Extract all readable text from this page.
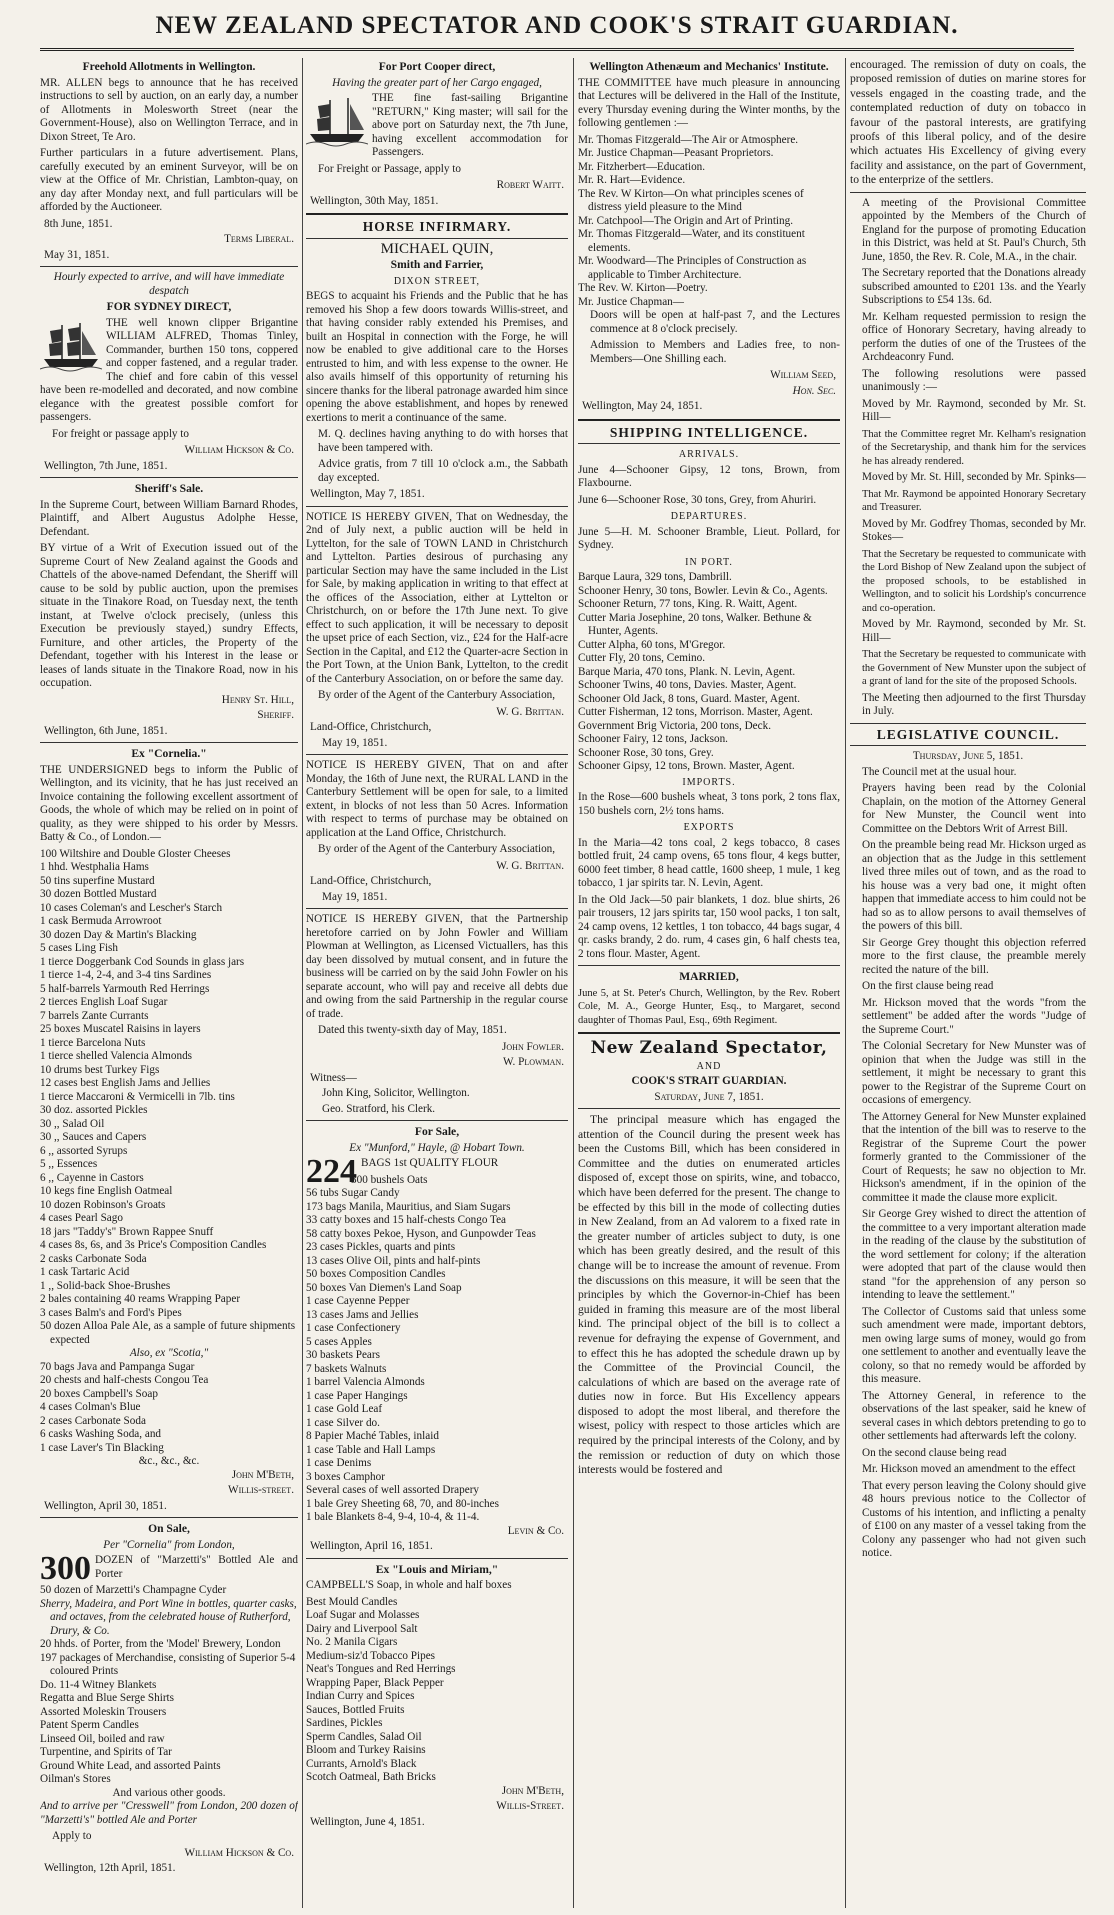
NEW ZEALAND SPECTATOR AND COOK'S STRAIT GUARDIAN.
Freehold Allotments in Wellington.

MR. ALLEN begs to announce that he has received instructions to sell by auction, on an early day, a number of Allotments in Molesworth Street (near the Government-House), also on Wellington Terrace, and in Dixon Street, Te Aro.

Further particulars in a future advertisement. Plans, carefully executed by an eminent Surveyor, will be on view at the Office of Mr. Christian, Lambton-quay, on any day after Monday next, and full particulars will be afforded by the Auctioneer.

8th June, 1851.
Terms Liberal.
May 31, 1851.
Hourly expected to arrive, and will have immediate despatch
FOR SYDNEY DIRECT,

THE well known clipper Brigantine WILLIAM ALFRED, Thomas Tinley, Commander, burthen 150 tons, coppered and copper fastened, and a regular trader. The chief and fore cabin of this vessel have been re-modelled and decorated, and now combine elegance with the greatest possible comfort for passengers.

For freight or passage apply to

William Hickson & Co.
Wellington, 7th June, 1851.
Sheriff's Sale.

In the Supreme Court, between William Barnard Rhodes, Plaintiff, and Albert Augustus Adolphe Hesse, Defendant.

BY virtue of a Writ of Execution issued out of the Supreme Court of New Zealand against the Goods and Chattels of the above-named Defendant, the Sheriff will cause to be sold by public auction, upon the premises situate in the Tinakore Road, on Tuesday next, the tenth instant, at Twelve o'clock precisely, (unless this Execution be previously stayed,) sundry Effects, Furniture, and other articles, the Property of the Defendant, together with his Interest in the lease or leases of lands situate in the Tinakore Road, now in his occupation.

Henry St. Hill,
Sheriff.
Wellington, 6th June, 1851.
Ex "Cornelia."

THE UNDERSIGNED begs to inform the Public of Wellington, and its vicinity, that he has just received an Invoice containing the following excellent assortment of Goods, the whole of which may be relied on in point of quality, as they were shipped to his order by Messrs. Batty & Co., of London.—

100 Wiltshire and Double Gloster Cheeses
1 hhd. Westphalia Hams
50 tins superfine Mustard
30 dozen Bottled Mustard
10 cases Coleman's and Lescher's Starch
1 cask Bermuda Arrowroot
30 dozen Day & Martin's Blacking
5 cases Ling Fish
1 tierce Doggerbank Cod Sounds in glass jars
1 tierce 1-4, 2-4, and 3-4 tins Sardines
5 half-barrels Yarmouth Red Herrings
2 tierces English Loaf Sugar
7 barrels Zante Currants
25 boxes Muscatel Raisins in layers
1 tierce Barcelona Nuts
1 tierce shelled Valencia Almonds
10 drums best Turkey Figs
12 cases best English Jams and Jellies
1 tierce Maccaroni & Vermicelli in 7lb. tins
30 doz. assorted Pickles
30 ,, Salad Oil
30 ,, Sauces and Capers
6 ,, assorted Syrups
5 ,, Essences
6 ,, Cayenne in Castors
10 kegs fine English Oatmeal
10 dozen Robinson's Groats
4 cases Pearl Sago
18 jars "Taddy's" Brown Rappee Snuff
4 cases 8s, 6s, and 3s Price's Composition Candles
2 casks Carbonate Soda
1 cask Tartaric Acid
1 ,, Solid-back Shoe-Brushes
2 bales containing 40 reams Wrapping Paper
3 cases Balm's and Ford's Pipes
50 dozen Alloa Pale Ale, as a sample of future shipments expected
Also, ex "Scotia,"
70 bags Java and Pampanga Sugar
20 chests and half-chests Congou Tea
20 boxes Campbell's Soap
4 cases Colman's Blue
2 cases Carbonate Soda
6 casks Washing Soda, and
1 case Laver's Tin Blacking
&c., &c., &c.
John M'Beth,
Willis-street.
Wellington, April 30, 1851.
On Sale,
Per "Cornelia" from London,
300 DOZEN of "Marzetti's" Bottled Ale and Porter

50 dozen of Marzetti's Champagne Cyder
Sherry, Madeira, and Port Wine in bottles, quarter casks, and octaves, from the celebrated house of Rutherford, Drury, & Co.
20 hhds. of Porter, from the 'Model' Brewery, London
197 packages of Merchandise, consisting of Superior 5-4 coloured Prints
Do. 11-4 Witney Blankets
Regatta and Blue Serge Shirts
Assorted Moleskin Trousers
Patent Sperm Candles
Linseed Oil, boiled and raw
Turpentine, and Spirits of Tar
Ground White Lead, and assorted Paints
Oilman's Stores
And various other goods.

And to arrive per "Cresswell" from London, 200 dozen of "Marzetti's" bottled Ale and Porter

Apply to

William Hickson & Co.
Wellington, 12th April, 1851.
For Port Cooper direct,
Having the greater part of her Cargo engaged,

THE fine fast-sailing Brigantine "RETURN," King master; will sail for the above port on Saturday next, the 7th June, having excellent accommodation for Passengers.

For Freight or Passage, apply to

Robert Waitt.
Wellington, 30th May, 1851.
HORSE INFIRMARY.
MICHAEL QUIN,
Smith and Farrier,
DIXON STREET,

BEGS to acquaint his Friends and the Public that he has removed his Shop a few doors towards Willis-street, and that having consider rably extended his Premises, and built an Hospital in connection with the Forge, he will now be enabled to give additional care to the Horses entrusted to him, and with less expense to the owner. He also avails himself of this opportunity of returning his sincere thanks for the liberal patronage awarded him since opening the above establishment, and hopes by renewed exertions to merit a continuance of the same.

M. Q. declines having anything to do with horses that have been tampered with.

Advice gratis, from 7 till 10 o'clock a.m., the Sabbath day excepted.

Wellington, May 7, 1851.

NOTICE IS HEREBY GIVEN, That on Wednesday, the 2nd of July next, a public auction will be held in Lyttelton, for the sale of TOWN LAND in Christchurch and Lyttelton. Parties desirous of purchasing any particular Section may have the same included in the List for Sale, by making application in writing to that effect at the offices of the Association, either at Lyttelton or Christchurch, on or before the 17th June next. To give effect to such application, it will be necessary to deposit the upset price of each Section, viz., £24 for the Half-acre Section in the Capital, and £12 the Quarter-acre Section in the Port Town, at the Union Bank, Lyttelton, to the credit of the Canterbury Association, on or before the same day.

By order of the Agent of the Canterbury Association,

W. G. Brittan.
Land-Office, Christchurch,
May 19, 1851.

NOTICE IS HEREBY GIVEN, That on and after Monday, the 16th of June next, the RURAL LAND in the Canterbury Settlement will be open for sale, to a limited extent, in blocks of not less than 50 Acres. Information with respect to terms of purchase may be obtained on application at the Land Office, Christchurch.

By order of the Agent of the Canterbury Association,

W. G. Brittan.
Land-Office, Christchurch,
May 19, 1851.

NOTICE IS HEREBY GIVEN, that the Partnership heretofore carried on by John Fowler and William Plowman at Wellington, as Licensed Victuallers, has this day been dissolved by mutual consent, and in future the business will be carried on by the said John Fowler on his separate account, who will pay and receive all debts due and owing from the said Partnership in the regular course of trade.

Dated this twenty-sixth day of May, 1851.

John Fowler.
W. Plowman.
Witness—
John King, Solicitor, Wellington.
Geo. Stratford, his Clerk.
For Sale,
Ex "Munford," Hayle, @ Hobart Town.
224 BAGS 1st QUALITY FLOUR

300 bushels Oats
56 tubs Sugar Candy
173 bags Manila, Mauritius, and Siam Sugars
33 catty boxes and 15 half-chests Congo Tea
58 catty boxes Pekoe, Hyson, and Gunpowder Teas
23 cases Pickles, quarts and pints
13 cases Olive Oil, pints and half-pints
50 boxes Composition Candles
50 boxes Van Diemen's Land Soap
1 case Cayenne Pepper
13 cases Jams and Jellies
1 case Confectionery
5 cases Apples
30 baskets Pears
7 baskets Walnuts
1 barrel Valencia Almonds
1 case Paper Hangings
1 case Gold Leaf
1 case Silver do.
8 Papier Maché Tables, inlaid
1 case Table and Hall Lamps
1 case Denims
3 boxes Camphor
Several cases of well assorted Drapery
1 bale Grey Sheeting 68, 70, and 80-inches
1 bale Blankets 8-4, 9-4, 10-4, & 11-4.
Levin & Co.
Wellington, April 16, 1851.
Ex "Louis and Miriam,"

CAMPBELL'S Soap, in whole and half boxes

Best Mould Candles
Loaf Sugar and Molasses
Dairy and Liverpool Salt
No. 2 Manila Cigars
Medium-siz'd Tobacco Pipes
Neat's Tongues and Red Herrings
Wrapping Paper, Black Pepper
Indian Curry and Spices
Sauces, Bottled Fruits
Sardines, Pickles
Sperm Candles, Salad Oil
Bloom and Turkey Raisins
Currants, Arnold's Black
Scotch Oatmeal, Bath Bricks
John M'Beth,
Willis-Street.
Wellington, June 4, 1851.
Wellington Athenæum and Mechanics' Institute.

THE COMMITTEE have much pleasure in announcing that Lectures will be delivered in the Hall of the Institute, every Thursday evening during the Winter months, by the following gentlemen :—

Mr. Thomas Fitzgerald—The Air or Atmosphere.
Mr. Justice Chapman—Peasant Proprietors.
Mr. Fitzherbert—Education.
Mr. R. Hart—Evidence.
The Rev. W Kirton—On what principles scenes of distress yield pleasure to the Mind
Mr. Catchpool—The Origin and Art of Printing.
Mr. Thomas Fitzgerald—Water, and its constituent elements.
Mr. Woodward—The Principles of Construction as applicable to Timber Architecture.
The Rev. W. Kirton—Poetry.
Mr. Justice Chapman—

Doors will be open at half-past 7, and the Lectures commence at 8 o'clock precisely.

Admission to Members and Ladies free, to non-Members—One Shilling each.

William Seed,
Hon. Sec.
Wellington, May 24, 1851.
SHIPPING INTELLIGENCE.
ARRIVALS.

June 4—Schooner Gipsy, 12 tons, Brown, from Flaxbourne.

June 6—Schooner Rose, 30 tons, Grey, from Ahuriri.

DEPARTURES.

June 5—H. M. Schooner Bramble, Lieut. Pollard, for Sydney.

IN PORT.
Barque Laura, 329 tons, Dambrill.
Schooner Henry, 30 tons, Bowler. Levin & Co., Agents.
Schooner Return, 77 tons, King. R. Waitt, Agent.
Cutter Maria Josephine, 20 tons, Walker. Bethune & Hunter, Agents.
Cutter Alpha, 60 tons, M'Gregor.
Cutter Fly, 20 tons, Cemino.
Barque Maria, 470 tons, Plank. N. Levin, Agent.
Schooner Twins, 40 tons, Davies. Master, Agent.
Schooner Old Jack, 8 tons, Guard. Master, Agent.
Cutter Fisherman, 12 tons, Morrison. Master, Agent.
Government Brig Victoria, 200 tons, Deck.
Schooner Fairy, 12 tons, Jackson.
Schooner Rose, 30 tons, Grey.
Schooner Gipsy, 12 tons, Brown. Master, Agent.
IMPORTS.

In the Rose—600 bushels wheat, 3 tons pork, 2 tons flax, 150 bushels corn, 2½ tons hams.

EXPORTS

In the Maria—42 tons coal, 2 kegs tobacco, 8 cases bottled fruit, 24 camp ovens, 65 tons flour, 4 kegs butter, 6000 feet timber, 8 head cattle, 1600 sheep, 1 mule, 1 keg tobacco, 1 jar spirits tar. N. Levin, Agent.

In the Old Jack—50 pair blankets, 1 doz. blue shirts, 26 pair trousers, 12 jars spirits tar, 150 wool packs, 1 ton salt, 24 camp ovens, 12 kettles, 1 ton tobacco, 44 bags sugar, 4 qr. casks brandy, 2 do. rum, 4 cases gin, 6 half chests tea, 2 tons flour. Master, Agent.

MARRIED,

June 5, at St. Peter's Church, Wellington, by the Rev. Robert Cole, M. A., George Hunter, Esq., to Margaret, second daughter of Thomas Paul, Esq., 69th Regiment.

New Zealand Spectator,
AND
COOK'S STRAIT GUARDIAN.
Saturday, June 7, 1851.

The principal measure which has engaged the attention of the Council during the present week has been the Customs Bill, which has been considered in Committee and the duties on enumerated articles disposed of, except those on spirits, wine, and tobacco, which have been deferred for the present. The change to be effected by this bill in the mode of collecting duties in New Zealand, from an Ad valorem to a fixed rate in the greater number of articles subject to duty, is one which has been greatly desired, and the result of this change will be to increase the amount of revenue. From the discussions on this measure, it will be seen that the principles by which the Governor-in-Chief has been guided in framing this measure are of the most liberal kind. The principal object of the bill is to collect a revenue for defraying the expense of Government, and to effect this he has adopted the schedule drawn up by the Committee of the Provincial Council, the calculations of which are based on the average rate of duties now in force. But His Excellency appears disposed to adopt the most liberal, and therefore the wisest, policy with respect to those articles which are required by the principal interests of the Colony, and by the remission or reduction of duty on which those interests would be fostered and

encouraged. The remission of duty on coals, the proposed remission of duties on marine stores for vessels engaged in the coasting trade, and the contemplated reduction of duty on tobacco in favour of the pastoral interests, are gratifying proofs of this liberal policy, and of the desire which actuates His Excellency of giving every facility and assistance, on the part of Government, to the enterprize of the settlers.

A meeting of the Provisional Committee appointed by the Members of the Church of England for the purpose of promoting Education in this District, was held at St. Paul's Church, 5th June, 1850, the Rev. R. Cole, M.A., in the chair.

The Secretary reported that the Donations already subscribed amounted to £201 13s. and the Yearly Subscriptions to £54 13s. 6d.

Mr. Kelham requested permission to resign the office of Honorary Secretary, having already to perform the duties of one of the Trustees of the Archdeaconry Fund.

The following resolutions were passed unanimously :—

Moved by Mr. Raymond, seconded by Mr. St. Hill—

That the Committee regret Mr. Kelham's resignation of the Secretaryship, and thank him for the services he has already rendered.

Moved by Mr. St. Hill, seconded by Mr. Spinks—

That Mr. Raymond be appointed Honorary Secretary and Treasurer.

Moved by Mr. Godfrey Thomas, seconded by Mr. Stokes—

That the Secretary be requested to communicate with the Lord Bishop of New Zealand upon the subject of the proposed schools, to be established in Wellington, and to solicit his Lordship's concurrence and co-operation.

Moved by Mr. Raymond, seconded by Mr. St. Hill—

That the Secretary be requested to communicate with the Government of New Munster upon the subject of a grant of land for the site of the proposed Schools.

The Meeting then adjourned to the first Thursday in July.

LEGISLATIVE COUNCIL.
Thursday, June 5, 1851.

The Council met at the usual hour.

Prayers having been read by the Colonial Chaplain, on the motion of the Attorney General for New Munster, the Council went into Committee on the Debtors Writ of Arrest Bill.

On the preamble being read Mr. Hickson urged as an objection that as the Judge in this settlement lived three miles out of town, and as the road to his house was a very bad one, it might often happen that immediate access to him could not be had so as to allow persons to avail themselves of the powers of this bill.

Sir George Grey thought this objection referred more to the first clause, the preamble merely recited the nature of the bill.

On the first clause being read

Mr. Hickson moved that the words "from the settlement" be added after the words "Judge of the Supreme Court."

The Colonial Secretary for New Munster was of opinion that when the Judge was still in the settlement, it might be necessary to grant this power to the Registrar of the Supreme Court on occasions of emergency.

The Attorney General for New Munster explained that the intention of the bill was to reserve to the Registrar of the Supreme Court the power formerly granted to the Commissioner of the Court of Requests; he saw no objection to Mr. Hickson's amendment, if in the opinion of the committee it made the clause more explicit.

Sir George Grey wished to direct the attention of the committee to a very important alteration made in the reading of the clause by the substitution of the word settlement for colony; if the alteration were adopted that part of the clause would then stand "for the apprehension of any person so intending to leave the settlement."

The Collector of Customs said that unless some such amendment were made, important debtors, men owing large sums of money, would go from one settlement to another and eventually leave the colony, so that no remedy would be afforded by this measure.

The Attorney General, in reference to the observations of the last speaker, said he knew of several cases in which debtors pretending to go to other settlements had afterwards left the colony.

On the second clause being read

Mr. Hickson moved an amendment to the effect

That every person leaving the Colony should give 48 hours previous notice to the Collector of Customs of his intention, and inflicting a penalty of £100 on any master of a vessel taking from the Colony any passenger who had not given such notice.
